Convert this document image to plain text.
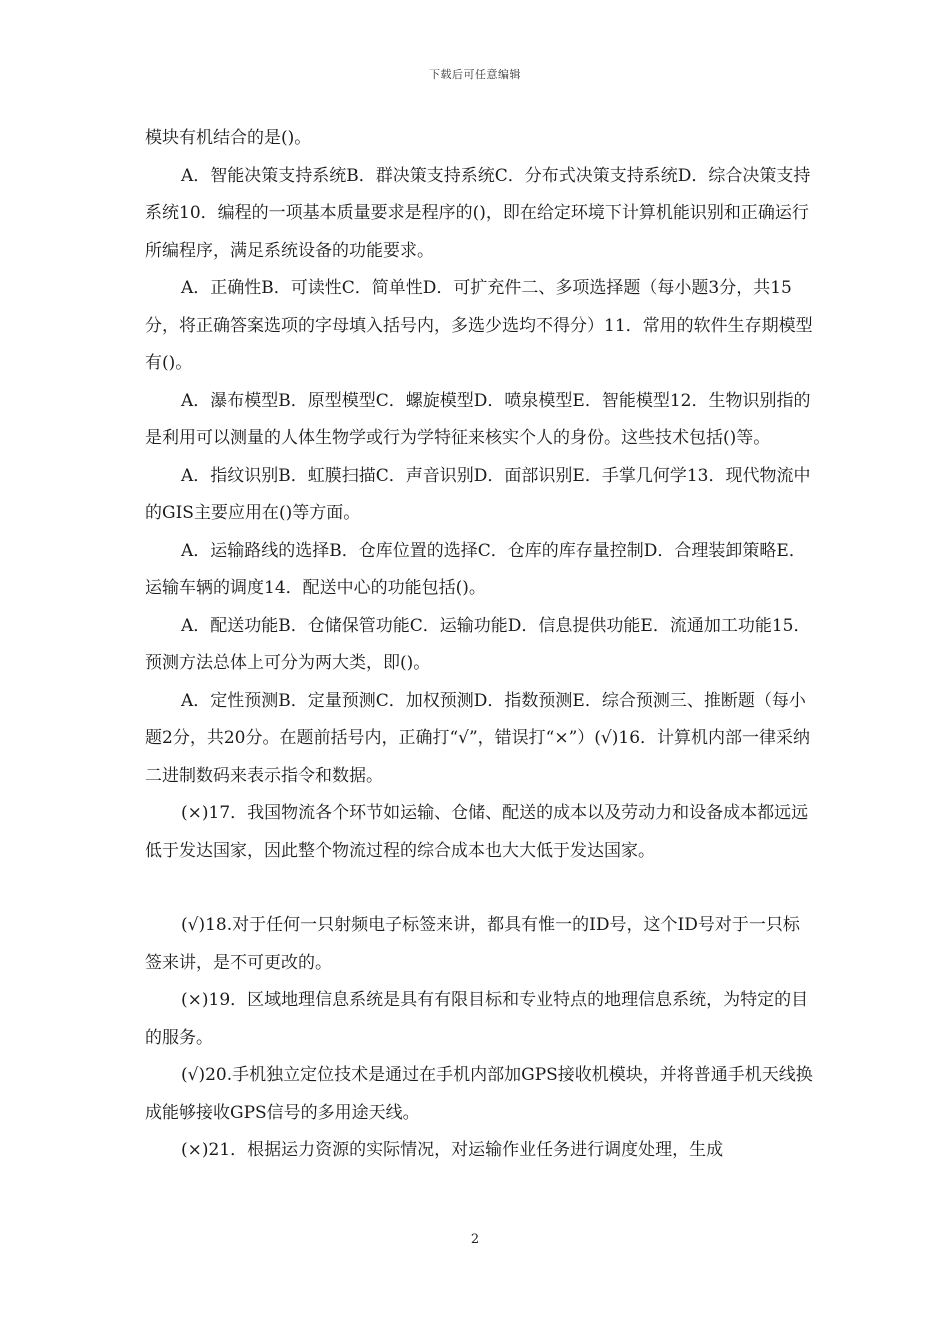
下载后可任意编辑

模块有机结合的是()。

A．智能决策支持系统B．群决策支持系统C．分布式决策支持系统D．综合决策支持系统10．编程的一项基本质量要求是程序的()，即在给定环境下计算机能识别和正确运行所编程序，满足系统设备的功能要求。

A．正确性B．可读性C．简单性D．可扩充件二、多项选择题（每小题3分，共15分，将正确答案选项的字母填入括号内，多选少选均不得分）11．常用的软件生存期模型有()。

A．瀑布模型B．原型模型C．螺旋模型D．喷泉模型E．智能模型12．生物识别指的是利用可以测量的人体生物学或行为学特征来核实个人的身份。这些技术包括()等。

A．指纹识别B．虹膜扫描C．声音识别D．面部识别E．手掌几何学13．现代物流中的GIS主要应用在()等方面。

A．运输路线的选择B．仓库位置的选择C．仓库的库存量控制D．合理装卸策略E．运输车辆的调度14．配送中心的功能包括()。

A．配送功能B．仓储保管功能C．运输功能D．信息提供功能E．流通加工功能15．预测方法总体上可分为两大类，即()。

A．定性预测B．定量预测C．加权预测D．指数预测E．综合预测三、推断题（每小题2分，共20分。在题前括号内，正确打“√”，错误打“×”）(√)16．计算机内部一律采纳二进制数码来表示指令和数据。

(×)17．我国物流各个环节如运输、仓储、配送的成本以及劳动力和设备成本都远远低于发达国家，因此整个物流过程的综合成本也大大低于发达国家。

(√)18.对于任何一只射频电子标签来讲，都具有惟一的ID号，这个ID号对于一只标签来讲，是不可更改的。

(×)19．区域地理信息系统是具有有限目标和专业特点的地理信息系统，为特定的目的服务。

(√)20.手机独立定位技术是通过在手机内部加GPS接收机模块，并将普通手机天线换成能够接收GPS信号的多用途天线。

(×)21．根据运力资源的实际情况，对运输作业任务进行调度处理，生成

2
